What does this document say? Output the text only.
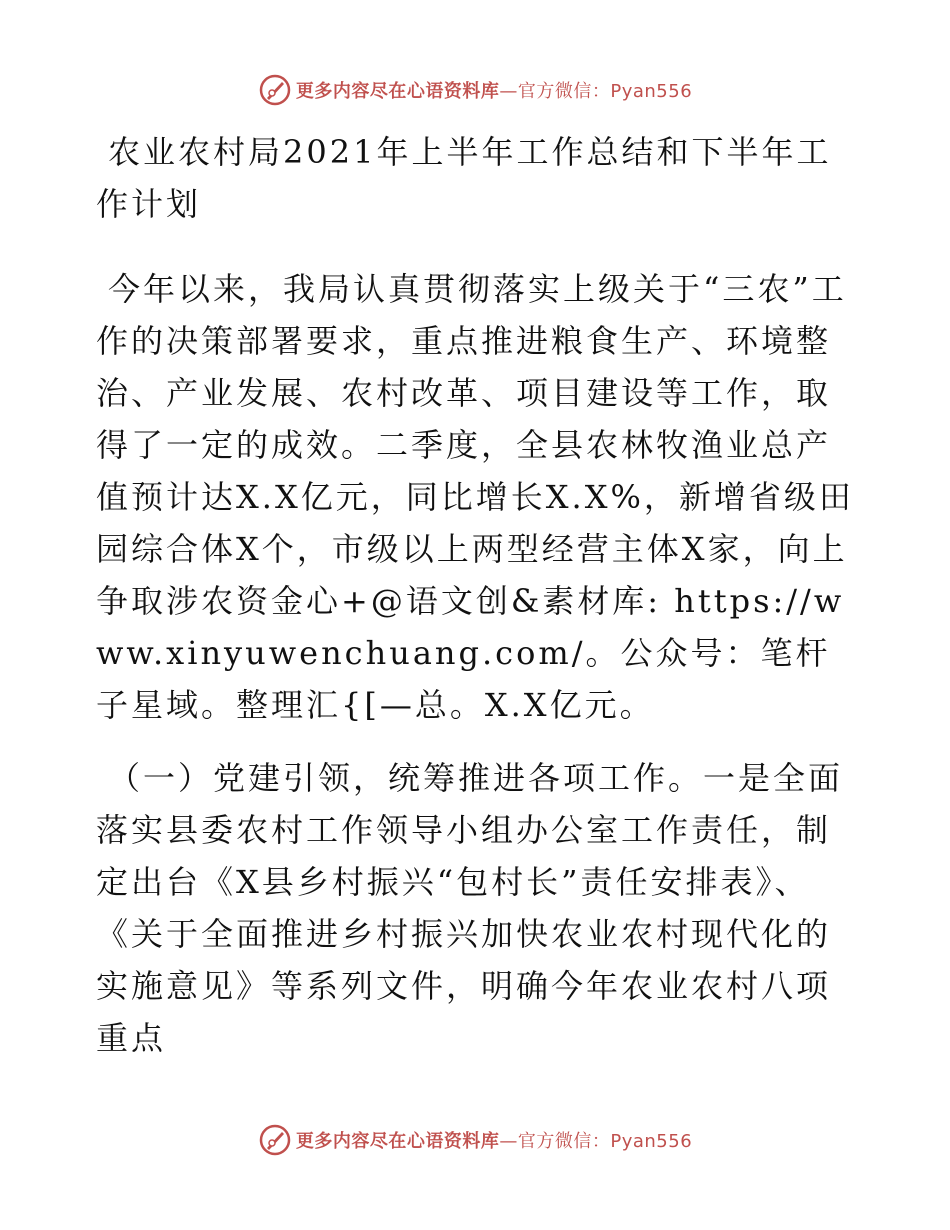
更多内容尽在心语资料库—官方微信：Pyan556
农业农村局2021年上半年工作总结和下半年工作计划

今年以来，我局认真贯彻落实上级关于“三农”工作的决策部署要求，重点推进粮食生产、环境整治、产业发展、农村改革、项目建设等工作，取得了一定的成效。二季度，全县农林牧渔业总产值预计达X.X亿元，同比增长X.X%，新增省级田园综合体X个，市级以上两型经营主体X家，向上争取涉农资金心+@语文创&素材库: https://www.xinyuwenchuang.com/。公众号：笔杆子星域。整理汇{[—总。X.X亿元。

（一）党建引领，统筹推进各项工作。一是全面落实县委农村工作领导小组办公室工作责任，制定出台《X县乡村振兴“包村长”责任安排表》、《关于全面推进乡村振兴加快农业农村现代化的实施意见》等系列文件，明确今年农业农村八项重点

更多内容尽在心语资料库—官方微信：Pyan556
